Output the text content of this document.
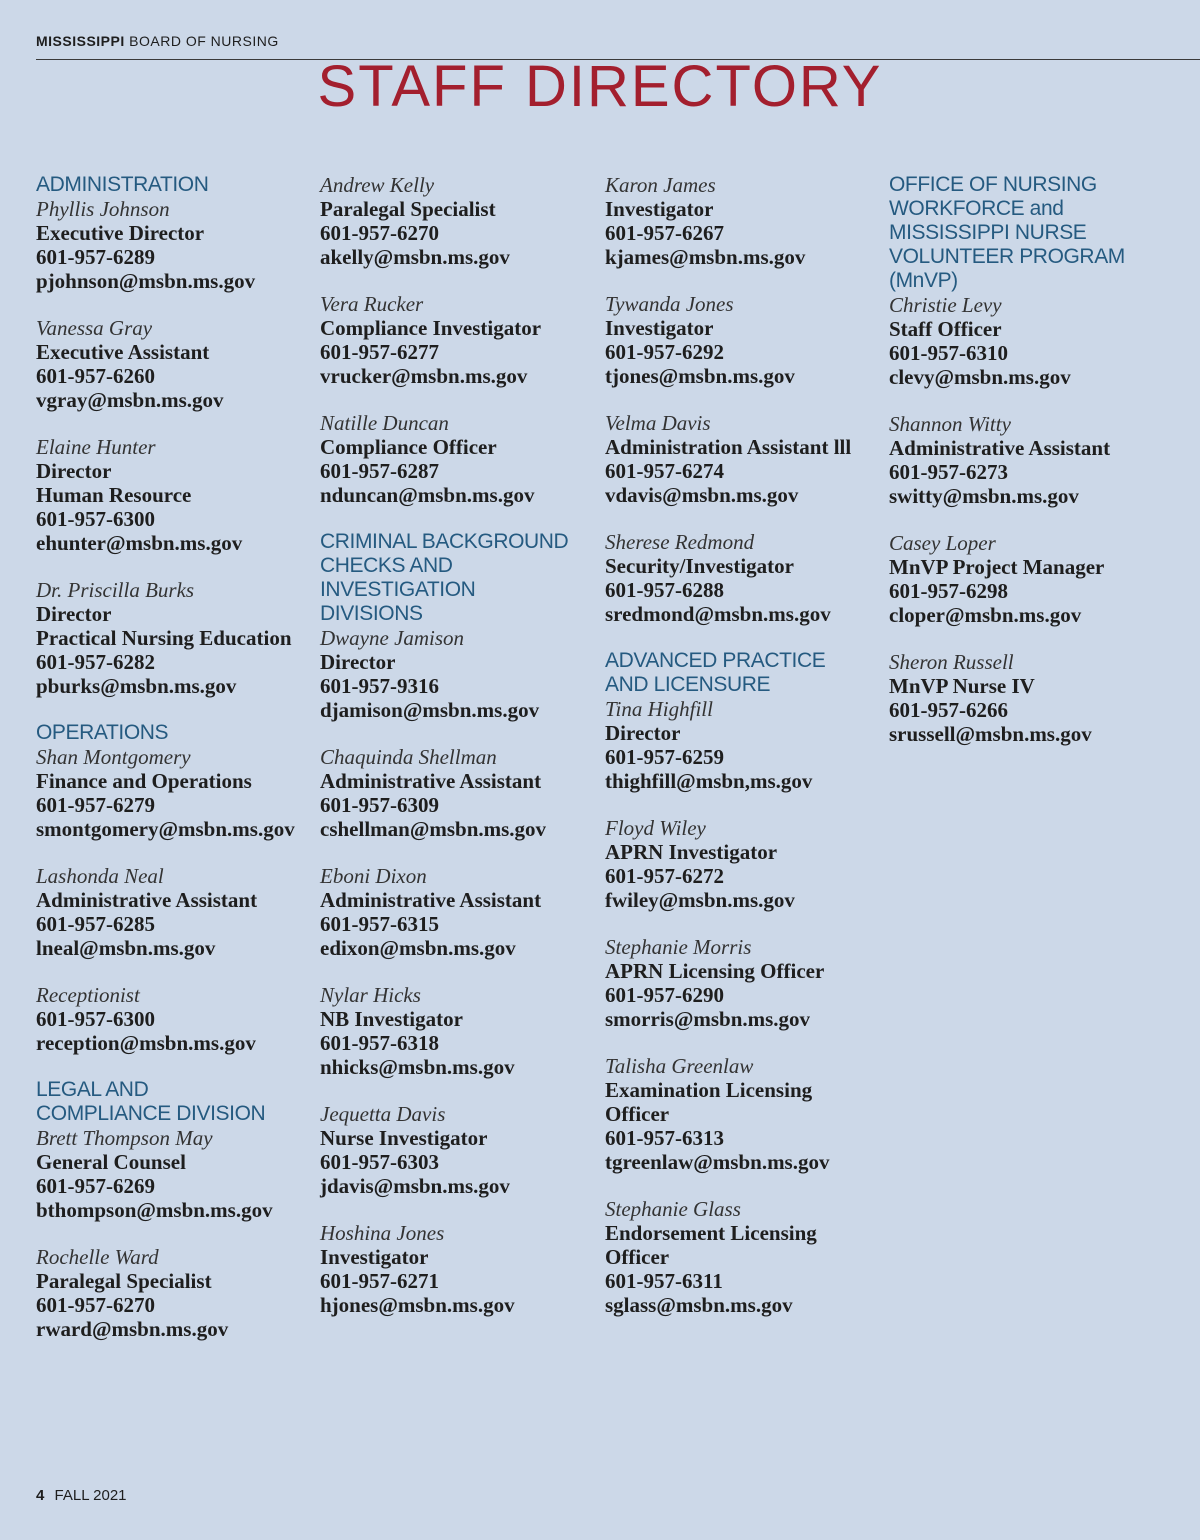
MISSISSIPPI BOARD OF NURSING
STAFF DIRECTORY
ADMINISTRATION
Phyllis Johnson
Executive Director
601-957-6289
pjohnson@msbn.ms.gov
Vanessa Gray
Executive Assistant
601-957-6260
vgray@msbn.ms.gov
Elaine Hunter
Director
Human Resource
601-957-6300
ehunter@msbn.ms.gov
Dr. Priscilla Burks
Director
Practical Nursing Education
601-957-6282
pburks@msbn.ms.gov
OPERATIONS
Shan Montgomery
Finance and Operations
601-957-6279
smontgomery@msbn.ms.gov
Lashonda Neal
Administrative Assistant
601-957-6285
lneal@msbn.ms.gov
Receptionist
601-957-6300
reception@msbn.ms.gov
LEGAL AND
COMPLIANCE DIVISION
Brett Thompson May
General Counsel
601-957-6269
bthompson@msbn.ms.gov
Rochelle Ward
Paralegal Specialist
601-957-6270
rward@msbn.ms.gov
Andrew Kelly
Paralegal Specialist
601-957-6270
akelly@msbn.ms.gov
Vera Rucker
Compliance Investigator
601-957-6277
vrucker@msbn.ms.gov
Natille Duncan
Compliance Officer
601-957-6287
nduncan@msbn.ms.gov
CRIMINAL BACKGROUND
CHECKS AND INVESTIGATION
DIVISIONS
Dwayne Jamison
Director
601-957-9316
djamison@msbn.ms.gov
Chaquinda Shellman
Administrative Assistant
601-957-6309
cshellman@msbn.ms.gov
Eboni Dixon
Administrative Assistant
601-957-6315
edixon@msbn.ms.gov
Nylar Hicks
NB Investigator
601-957-6318
nhicks@msbn.ms.gov
Jequetta Davis
Nurse Investigator
601-957-6303
jdavis@msbn.ms.gov
Hoshina Jones
Investigator
601-957-6271
hjones@msbn.ms.gov
Karon James
Investigator
601-957-6267
kjames@msbn.ms.gov
Tywanda Jones
Investigator
601-957-6292
tjones@msbn.ms.gov
Velma Davis
Administration Assistant lll
601-957-6274
vdavis@msbn.ms.gov
Sherese Redmond
Security/Investigator
601-957-6288
sredmond@msbn.ms.gov
ADVANCED PRACTICE
AND LICENSURE
Tina Highfill
Director
601-957-6259
thighfill@msbn,ms.gov
Floyd Wiley
APRN Investigator
601-957-6272
fwiley@msbn.ms.gov
Stephanie Morris
APRN Licensing Officer
601-957-6290
smorris@msbn.ms.gov
Talisha Greenlaw
Examination Licensing
Officer
601-957-6313
tgreenlaw@msbn.ms.gov
Stephanie Glass
Endorsement Licensing
Officer
601-957-6311
sglass@msbn.ms.gov
OFFICE OF NURSING
WORKFORCE and
MISSISSIPPI NURSE
VOLUNTEER PROGRAM (MnVP)
Christie Levy
Staff Officer
601-957-6310
clevy@msbn.ms.gov
Shannon Witty
Administrative Assistant
601-957-6273
switty@msbn.ms.gov
Casey Loper
MnVP Project Manager
601-957-6298
cloper@msbn.ms.gov
Sheron Russell
MnVP Nurse IV
601-957-6266
srussell@msbn.ms.gov
4 FALL 2021
